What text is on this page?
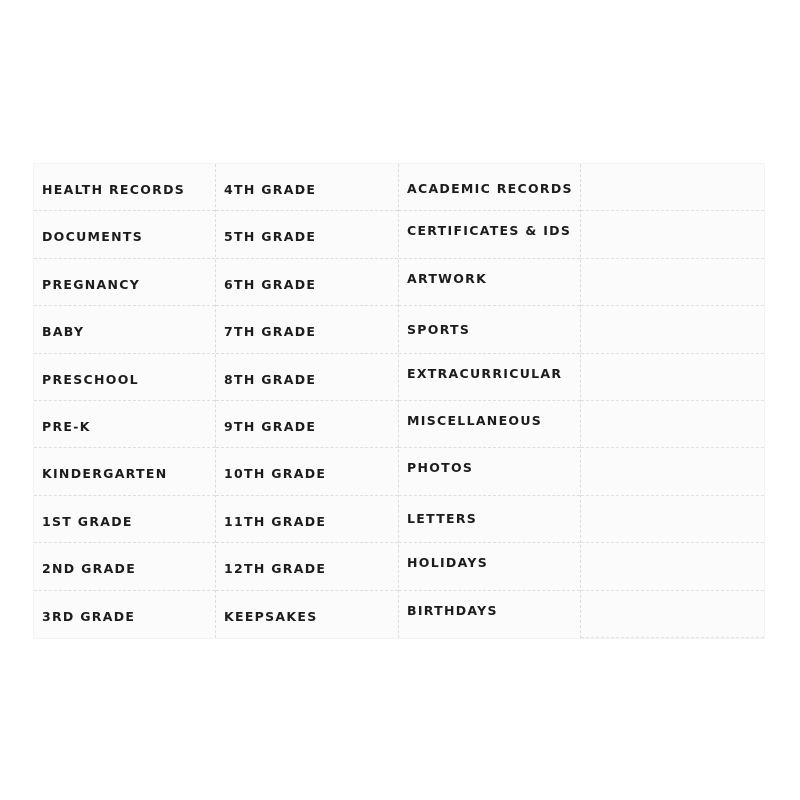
HEALTH RECORDS
DOCUMENTS
PREGNANCY
BABY
PRESCHOOL
PRE-K
KINDERGARTEN
1ST GRADE
2ND GRADE
3RD GRADE
4TH GRADE
5TH GRADE
6TH GRADE
7TH GRADE
8TH GRADE
9TH GRADE
10TH GRADE
11TH GRADE
12TH GRADE
KEEPSAKES
ACADEMIC RECORDS
CERTIFICATES & IDS
ARTWORK
SPORTS
EXTRACURRICULAR
MISCELLANEOUS
PHOTOS
LETTERS
HOLIDAYS
BIRTHDAYS
